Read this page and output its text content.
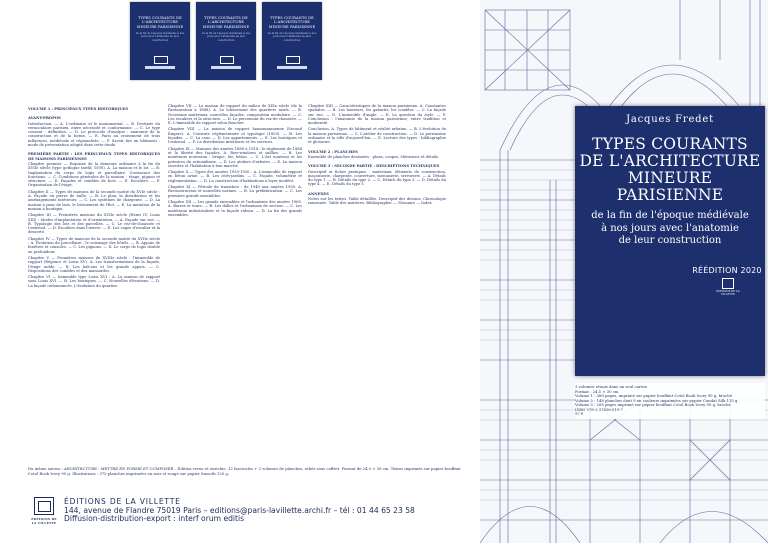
TYPES COURANTS DE L'ARCHITECTURE MINEURE PARISIENNE
de la fin de l'époque médiévale à nos jours avec l'anatomie de leur construction
TYPES COURANTS DE L'ARCHITECTURE MINEURE PARISIENNE
de la fin de l'époque médiévale à nos jours avec l'anatomie de leur construction
TYPES COURANTS DE L'ARCHITECTURE MINEURE PARISIENNE
de la fin de l'époque médiévale à nos jours avec l'anatomie de leur construction
VOLUME 1 : PRINCIPAUX TYPES HISTORIQUES
AVANT-PROPOS

Introduction. — A. L'ordinaire et le monumental. — B. Destinée du vernaculaire parisien, entre nécessité et conformisme. — C. Le type courant : définition. — D. Le protocole d'analyse : anatomie de la construction et de la forme. — E. Paris au croisement de trois influences, médiévale et régionaliste. — F. Savoir lire un bâtiment : mode de présentation adopté dans cette étude.

PREMIÈRE PARTIE : LES PRINCIPAUX TYPES HISTORIQUES DE MAISONS PARISIENNES

Chapitre premier — Esquisse de la demeure ordinaire à la fin du XVIIe siècle (type gothique tardif, 1500). A. La maison et le lot. — B. Implantation du corps de logis et parcellaire. Croissance des fonctions. — C. Conditions générales de la maison : étage, pignon et structure. — D. Façades et combles de bois. — E. Escaliers. — F. Organisation de l'étage.

Chapitre II — Types de maisons de la seconde moitié du XVIe siècle : A. Façade en pierre de taille. — B. Le plan, la distribution et les aménagements intérieurs. — C. Les systèmes de charpente. — D. La maison à pans de bois, le lotissement de l'îlot. — E. La mutation de la maison à boutique.

Chapitre III — Premières maisons du XVIIe siècle (Henri IV, Louis XIII) : Modes d'implantation et d'orientation. — A. Façade sur rue. — B. Typologie des lots et des parcelles. — C. Le rez-de-chaussée et l'entresol. — D. Escaliers dans l'œuvre. — E. Les cages d'escalier et la desserte.

Chapitre IV — Types de maisons de la seconde moitié du XVIIe siècle : A. Évolution du parcellaire ; le voisinage des hôtels. — B. Appuis de fenêtres et consoles. — C. Les pignons. — D. Le corps de logis double en profondeur.

Chapitre V — Premières maisons du XVIIIe siècle : l'immeuble de rapport (Régence et Louis XV). A. Les transformations de la façade, l'étage noble. — B. Les balcons et les grands appuis. — C. Dispositions des combles et des mansardes.

Chapitre VI — Immeuble type Louis XVI : A. La maison de rapport sous Louis XVI. — B. Les boutiques. — C. Nouvelles élévations. — D. La façade ordonnancée. L'évolution du quartier.

Chapitre VII — La maison de rapport du milieu du XIXe siècle (de la Restauration à 1848). A. Le lotissement des quartiers neufs. — B. Nouveaux matériaux, nouvelles façades, composition modulaire. — C. Les escaliers et la structure. — D. Le percement du rez-de-chaussée. — E. L'immeuble de rapport selon Bouchet.

Chapitre VIII — La maison de rapport haussmannienne (Second Empire). A. Contexte réglementaire et typologie (1853). — B. Les façades. — C. La cour. — D. Les appartements. — E. Les boutiques et l'entresol. — F. La distribution intérieure et les services.

Chapitre IX — Maisons des années 1880 à 1914 : le règlement de 1884 et la liberté des façades. A. Bow-windows et saillies. — B. Les matériaux nouveaux : brique, fer, béton. — C. L'Art nouveau et les prémices du rationalisme. — D. Les ateliers d'artistes. — E. La maison ouvrière et l'habitation à bon marché.

Chapitre X — Types des années 1920-1930 : A. L'immeuble de rapport en béton armé. — B. Les cités-jardins. — C. Façade, volumétrie et réglementation. — D. La construction d'habitations à loyer modéré.

Chapitre XI — Période de transition : de 1940 aux années 1950. A. Reconstruction et nouvelles normes. — B. La préfabrication. — C. Les premiers grands ensembles.

Chapitre XII — Les grands ensembles et l'urbanisme des années 1960. A. Barres et tours. — B. Les dalles et l'urbanisme de secteur. — C. Les matériaux industrialisés et la façade rideau. — D. La fin des grands ensembles.

Chapitre XIII — Caractéristiques de la maison parisienne. A. Constantes spatiales. — B. Les hauteurs, les gabarits, les combles. — C. La façade sur rue. — D. L'immeuble d'angle. — E. La question du style. — F. Conclusion : l'anatomie de la maison parisienne, entre tradition et modernité.

Conclusion. A. Types de bâtiment et réalité urbaine. — B. L'évolution de la maison parisienne. — C. L'atelier de construction. — D. Le patrimoine ordinaire et la ville d'aujourd'hui. — E. Lecture des types : bibliographie et glossaire.

VOLUME 2 : PLANCHES

Ensemble de planches dessinées : plans, coupes, élévations et détails.

VOLUME 3 : SECONDE PARTIE : DESCRIPTIONS TECHNIQUES

Descriptif et fiches pratiques : matériaux, éléments de construction, maçonnerie, charpente, couverture, menuiserie, serrurerie. — A. Détails du type 1. — B. Détails du type 2. — C. Détails du type 3. — D. Détails du type 4. — E. Détails du type 5.

ANNEXES

Notes sur les textes. Table détaillée. Descriptif des dessins. Chronologie raisonnée. Table des matières. Bibliographie — Glossaire — Index.

Du même auteur : ARCHITECTURE : METTRE EN FORME ET COMPOSER – Édition revue et enrichie. 12 fascicules + 2 volumes de planches, reliés sous coffret. Format de 24,5 × 30 cm. Textes imprimés sur papier bouffant Cotol Book Ivory 90 g. Illustrations : 375 planches imprimées en noir et rouge sur papier Smooth 120 g.
ÉDITIONS DE LA VILLETTE
ÉDITIONS DE LA VILLETTE
144, avenue de Flandre 75019 Paris – editions@paris-lavillette.archi.fr – tél : 01 44 65 23 58
Diffusion-distribution-export : interf orum editis
Jacques Fredet
TYPES COURANTS
DE L'ARCHITECTURE
MINEURE
PARISIENNE
de la fin de l'époque médiévale
à nos jours avec l'anatomie
de leur construction
RÉÉDITION 2020
ÉDITIONS DE LA VILLETTE
3 volumes réunis dans un seul carton
Format : 24,5 × 30 cm
Volume 1 : 368 pages, imprimé sur papier bouffant Cotol Book Ivory 90 g, broché
Volume 2 : 148 planches dont 9 en couleurs imprimées sur papier Condat Silk 115 g
Volume 3 : 208 pages imprimé sur papier bouffant Cotol Book Ivory 90 g, broché
ISBN 978-2-37856-019-7
97 €
